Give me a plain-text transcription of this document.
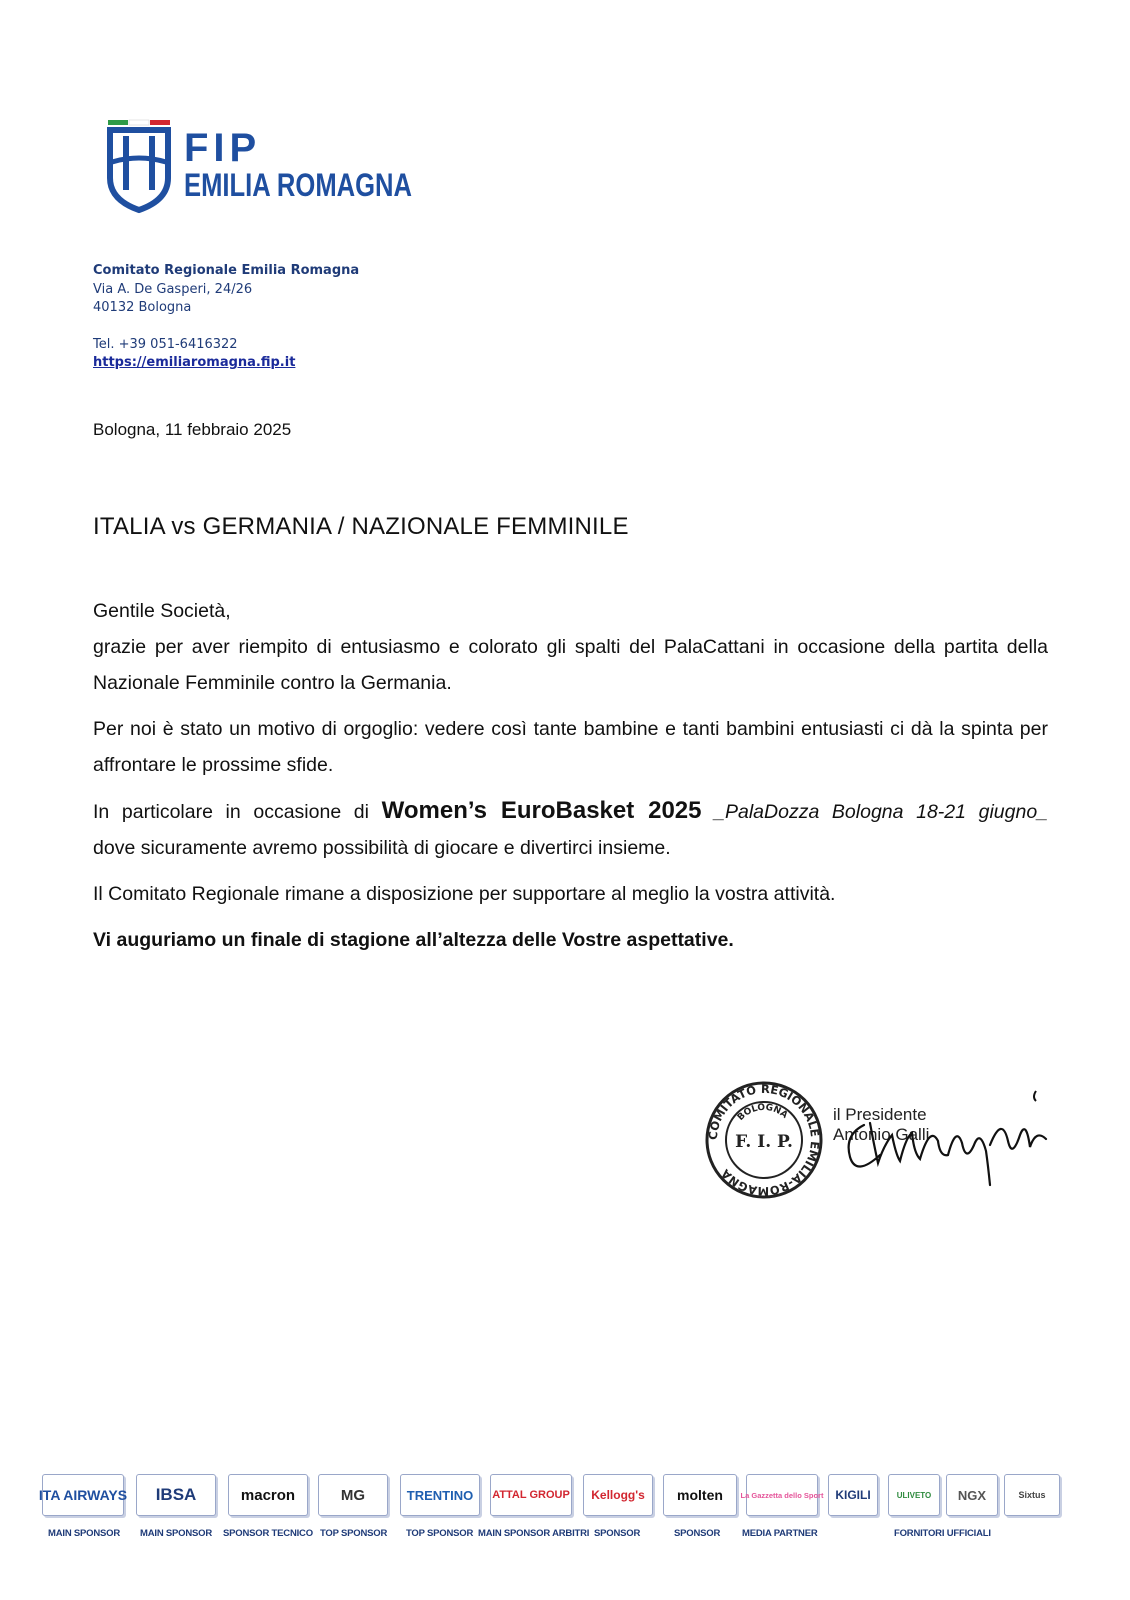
FIP
EMILIA ROMAGNA
Comitato Regionale Emilia Romagna
Via A. De Gasperi, 24/26
40132 Bologna
Tel. +39 051-6416322
https://emiliaromagna.fip.it
Bologna, 11 febbraio 2025
ITALIA vs GERMANIA / NAZIONALE FEMMINILE

Gentile Società,

grazie per aver riempito di entusiasmo e colorato gli spalti del PalaCattani in occasione della partita della Nazionale Femminile contro la Germania.

Per noi è stato un motivo di orgoglio: vedere così tante bambine e tanti bambini entusiasti ci dà la spinta per affrontare le prossime sfide.

In particolare in occasione di Women’s EuroBasket 2025 _PalaDozza Bologna 18-21 giugno_

dove sicuramente avremo possibilità di giocare e divertirci insieme.

Il Comitato Regionale rimane a disposizione per supportare al meglio la vostra attività.

Vi auguriamo un finale di stagione all’altezza delle Vostre aspettative.

COMITATO REGIONALE EMILIA-ROMAGNA
BOLOGNA
F. I. P.
il Presidente
Antonio Galli
ITA AIRWAYS
MAIN SPONSOR
IBSA
MAIN SPONSOR
macron
SPONSOR TECNICO
MG
TOP SPONSOR
TRENTINO
TOP SPONSOR
ATTAL GROUP
MAIN SPONSOR ARBITRI
Kellogg's
SPONSOR
molten
SPONSOR
La Gazzetta dello Sport
MEDIA PARTNER
KIGILI	ULIVETO	NGX	Sixtus
FORNITORI UFFICIALI
